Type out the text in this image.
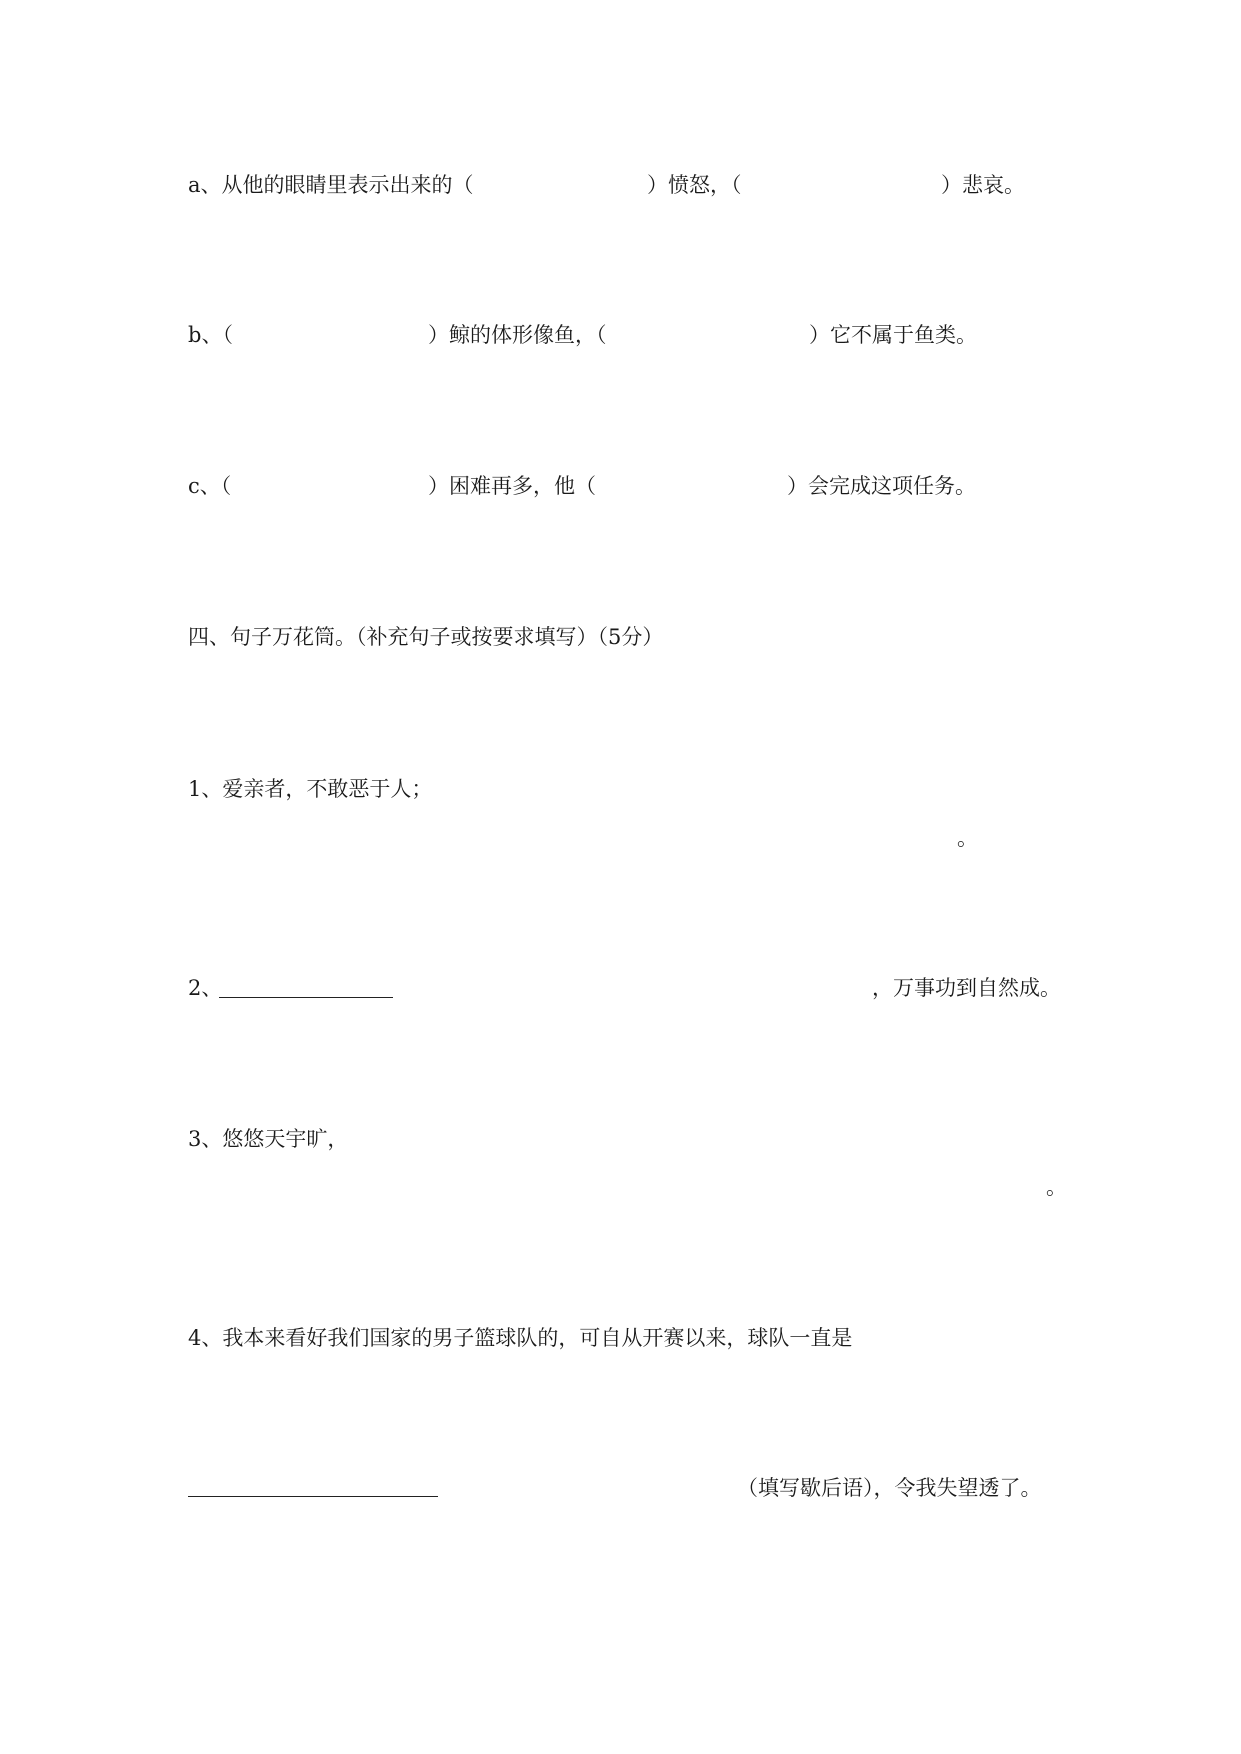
a、从他的眼睛里表示出来的（	）愤怒，（	）悲哀。
b、（	）鲸的体形像鱼，（	）它不属于鱼类。
c、（	）困难再多，他（	）会完成这项任务。
四、句子万花筒。（补充句子或按要求填写）（5分）
1、爱亲者，不敢恶于人；
。
2、	，万事功到自然成。
3、悠悠天宇旷，
。
4、我本来看好我们国家的男子篮球队的，可自从开赛以来，球队一直是
（填写歇后语），令我失望透了。
